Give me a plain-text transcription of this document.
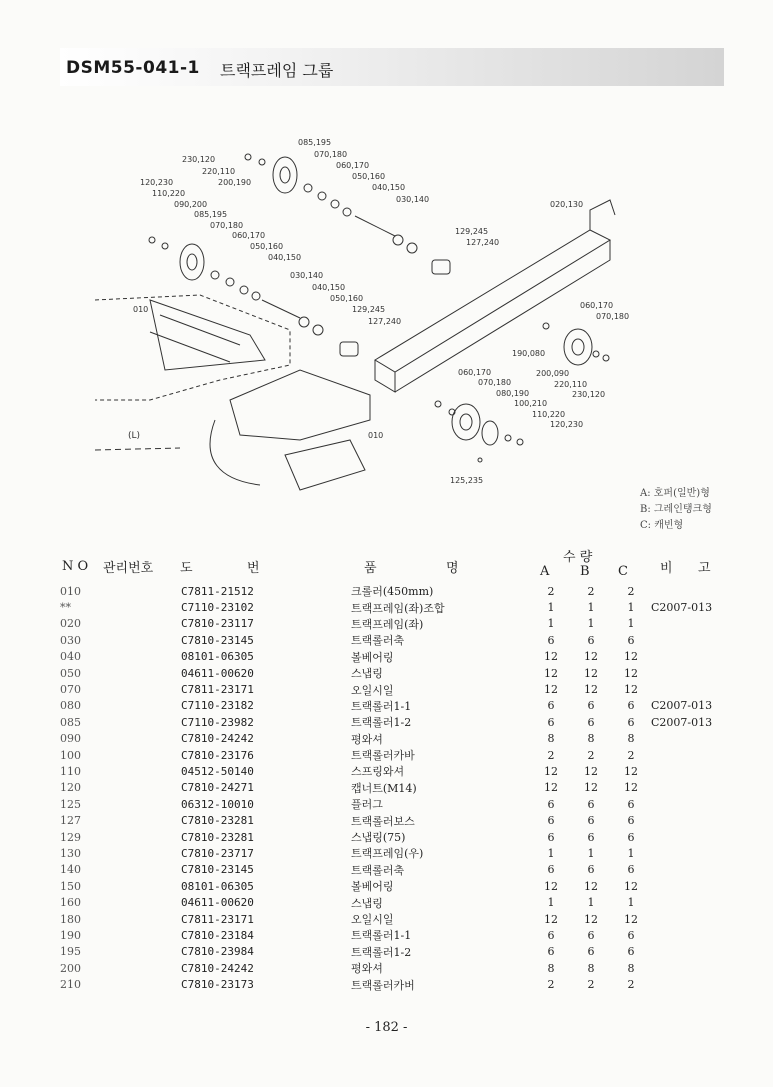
DSM55-041-1 트랙프레임 그룹
085,195
230,120
070,180
220,110
060,170
200,190
050,160
120,230
040,150
110,220
090,200
030,140
085,195
070,180
060,170
050,160
040,150
020,130
129,245
127,240
030,140
010
040,150
050,160
129,245
127,240
060,170
070,180
190,080
200,090
220,110
230,120
060,170
070,180
080,190
100,210
110,220
120,230
010
125,235
(L)
A: 호퍼(일반)형
B: 그레인탱크형
C: 캐빈형
N O 관리번호 도	번	품	명
수 량
A B C 비 고
010		C7811-21512	크롤러(450mm)	2	2	2	
**		C7110-23102	트랙프레임(좌)조합	1	1	1	C2007-013
020		C7810-23117	트랙프레임(좌)	1	1	1	
030		C7810-23145	트랙롤러축	6	6	6	
040		08101-06305	볼베어링	12	12	12	
050		04611-00620	스냅링	12	12	12	
070		C7811-23171	오일시일	12	12	12	
080		C7110-23182	트랙롤러1-1	6	6	6	C2007-013
085		C7110-23982	트랙롤러1-2	6	6	6	C2007-013
090		C7810-24242	평와셔	8	8	8	
100		C7810-23176	트랙롤러카바	2	2	2	
110		04512-50140	스프링와셔	12	12	12	
120		C7810-24271	캡너트(M14)	12	12	12	
125		06312-10010	플러그	6	6	6	
127		C7810-23281	트랙롤러보스	6	6	6	
129		C7810-23281	스냅링(75)	6	6	6	
130		C7810-23717	트랙프레임(우)	1	1	1	
140		C7810-23145	트랙롤러축	6	6	6	
150		08101-06305	볼베어링	12	12	12	
160		04611-00620	스냅링	1	1	1	
180		C7811-23171	오일시일	12	12	12	
190		C7810-23184	트랙롤러1-1	6	6	6	
195		C7810-23984	트랙롤러1-2	6	6	6	
200		C7810-24242	평와셔	8	8	8	
210		C7810-23173	트랙롤러카버	2	2	2	
- 182 -
